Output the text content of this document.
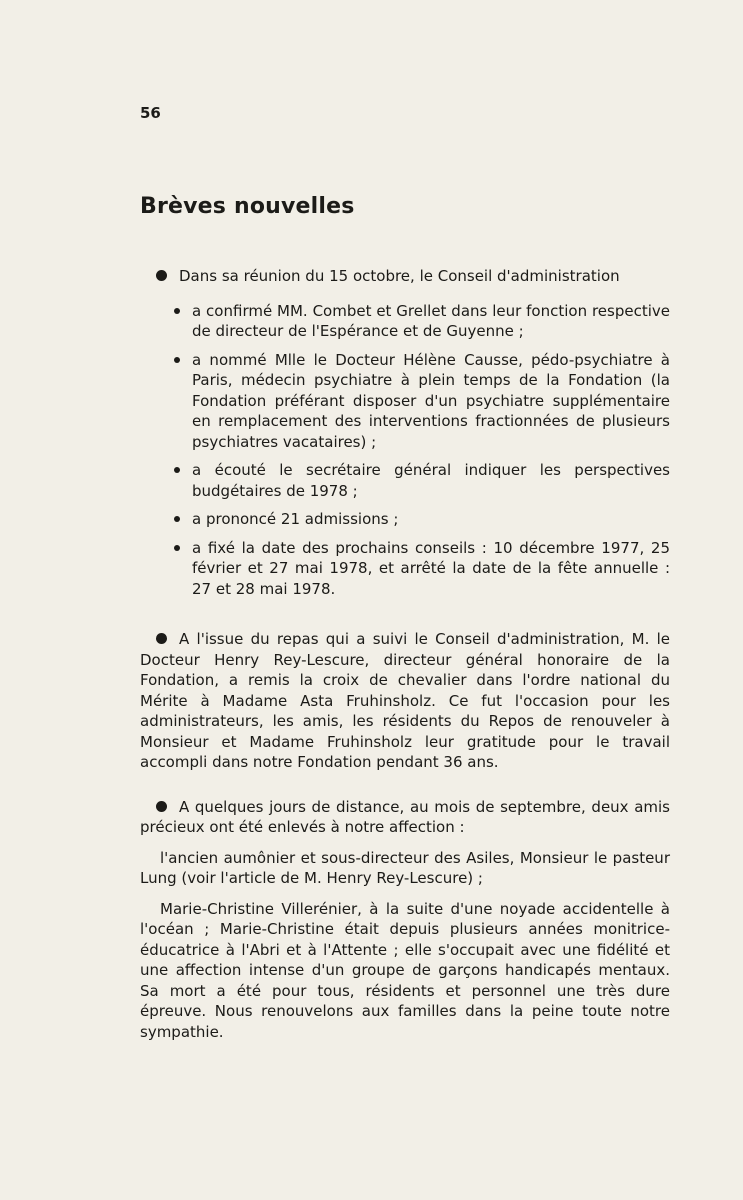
56
Brèves nouvelles

Dans sa réunion du 15 octobre, le Conseil d'administration

a confirmé MM. Combet et Grellet dans leur fonction respective de directeur de l'Espérance et de Guyenne ;

a nommé Mlle le Docteur Hélène Causse, pédo-psychiatre à Paris, médecin psychiatre à plein temps de la Fondation (la Fondation préférant disposer d'un psychiatre supplémentaire en remplacement des interventions fractionnées de plusieurs psychiatres vacataires) ;

a écouté le secrétaire général indiquer les perspectives budgétaires de 1978 ;

a prononcé 21 admissions ;

a fixé la date des prochains conseils : 10 décembre 1977, 25 février et 27 mai 1978, et arrêté la date de la fête annuelle : 27 et 28 mai 1978.

A l'issue du repas qui a suivi le Conseil d'administration, M. le Docteur Henry Rey-Lescure, directeur général honoraire de la Fondation, a remis la croix de chevalier dans l'ordre national du Mérite à Madame Asta Fruhinsholz. Ce fut l'occasion pour les administrateurs, les amis, les résidents du Repos de renouveler à Monsieur et Madame Fruhinsholz leur gratitude pour le travail accompli dans notre Fondation pendant 36 ans.

A quelques jours de distance, au mois de septembre, deux amis précieux ont été enlevés à notre affection :

l'ancien aumônier et sous-directeur des Asiles, Monsieur le pasteur Lung (voir l'article de M. Henry Rey-Lescure) ;

Marie-Christine Villerénier, à la suite d'une noyade accidentelle à l'océan ; Marie-Christine était depuis plusieurs années monitrice-éducatrice à l'Abri et à l'Attente ; elle s'occupait avec une fidélité et une affection intense d'un groupe de garçons handicapés mentaux. Sa mort a été pour tous, résidents et personnel une très dure épreuve. Nous renouvelons aux familles dans la peine toute notre sympathie.
